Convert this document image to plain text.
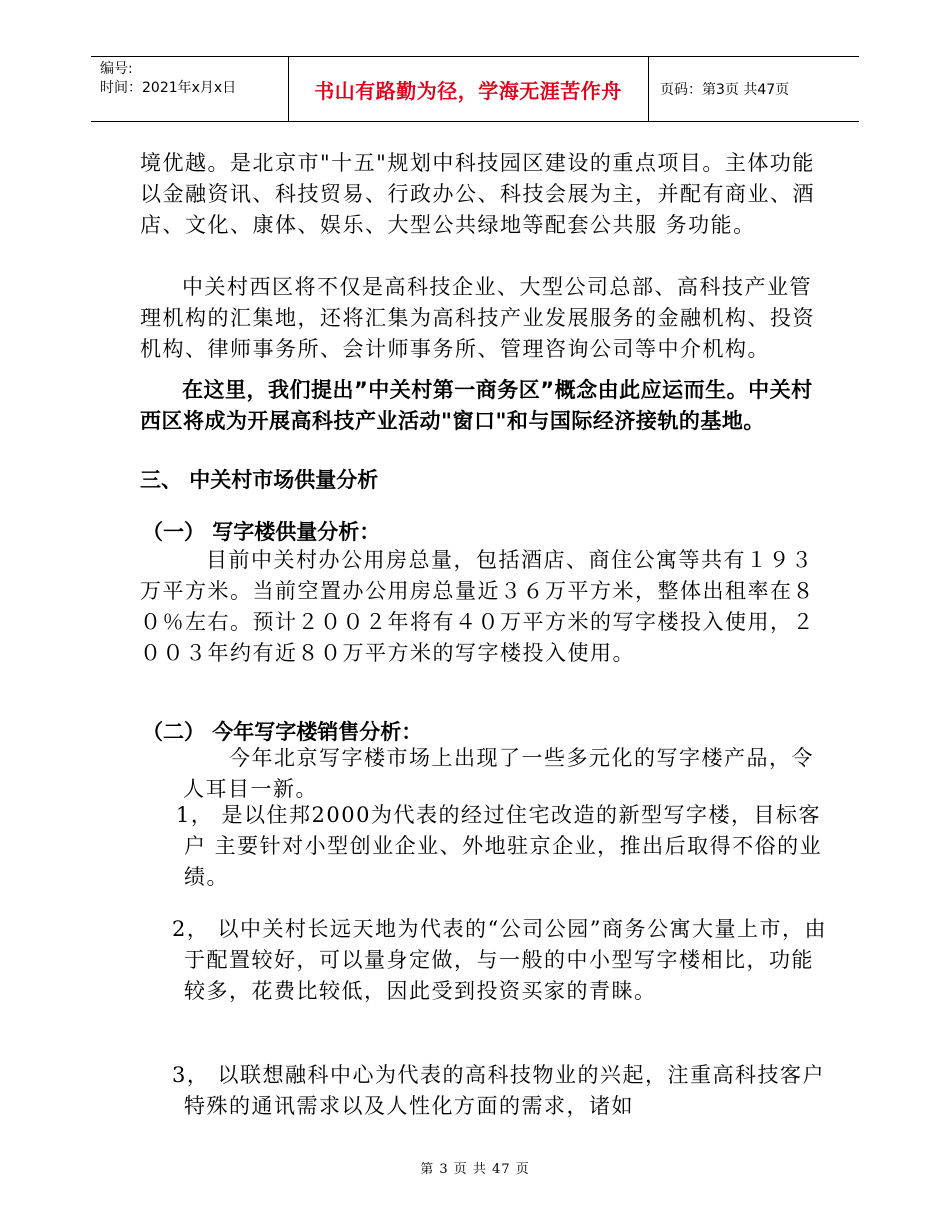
编号:
时间：2021年x月x日	书山有路勤为径，学海无涯苦作舟	页码：第3页 共47页

境优越。是北京市"十五"规划中科技园区建设的重点项目。主体功能以金融资讯、科技贸易、行政办公、科技会展为主，并配有商业、酒店、文化、康体、娱乐、大型公共绿地等配套公共服 务功能。

中关村西区将不仅是高科技企业、大型公司总部、高科技产业管理机构的汇集地，还将汇集为高科技产业发展服务的金融机构、投资机构、律师事务所、会计师事务所、管理咨询公司等中介机构。

在这里，我们提出”中关村第一商务区”概念由此应运而生。中关村西区将成为开展高科技产业活动"窗口"和与国际经济接轨的基地。

三、 中关村市场供量分析

（一） 写字楼供量分析：

目前中关村办公用房总量，包括酒店、商住公寓等共有１９３万平方米。当前空置办公用房总量近３６万平方米，整体出租率在８０％左右。预计２００２年将有４０万平方米的写字楼投入使用，２００３年约有近８０万平方米的写字楼投入使用。

（二） 今年写字楼销售分析：

今年北京写字楼市场上出现了一些多元化的写字楼产品，令人耳目一新。

1， 是以住邦2000为代表的经过住宅改造的新型写字楼，目标客户 主要针对小型创业企业、外地驻京企业，推出后取得不俗的业绩。

2， 以中关村长远天地为代表的“公司公园”商务公寓大量上市，由于配置较好，可以量身定做，与一般的中小型写字楼相比，功能较多，花费比较低，因此受到投资买家的青睐。

3， 以联想融科中心为代表的高科技物业的兴起，注重高科技客户 特殊的通讯需求以及人性化方面的需求，诸如

第 3 页 共 47 页
